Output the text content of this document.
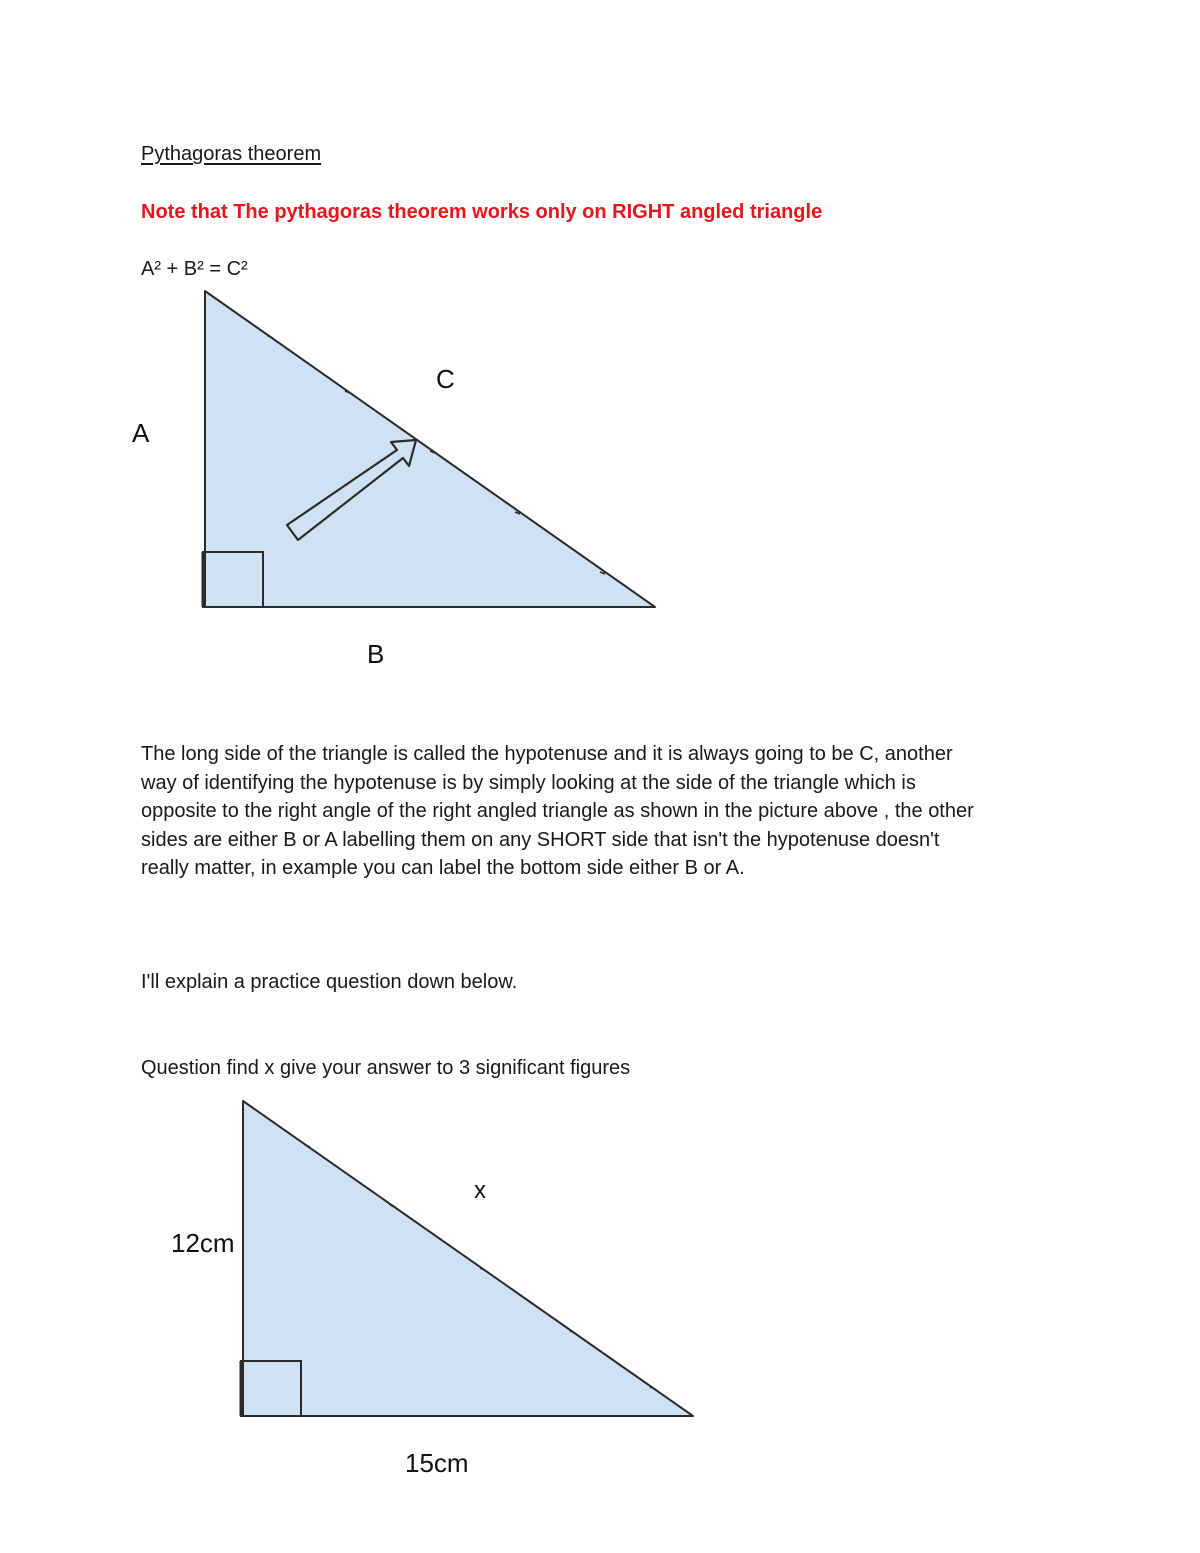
Pythagoras theorem
Note that The pythagoras theorem works only on RIGHT angled triangle
A² + B² = C²
A
C
B
The long side of the triangle is called the hypotenuse and it is always going to be C, another
way of identifying the hypotenuse is by simply looking at the side of the triangle which is
opposite to the right angle of the right angled triangle as shown in the picture above , the other
sides are either B or A labelling them on any SHORT side that isn't the hypotenuse doesn't
really matter, in example you can label the bottom side either B or A.
I'll explain a practice question down below.
Question find x give your answer to 3 significant figures
12cm
x
15cm
